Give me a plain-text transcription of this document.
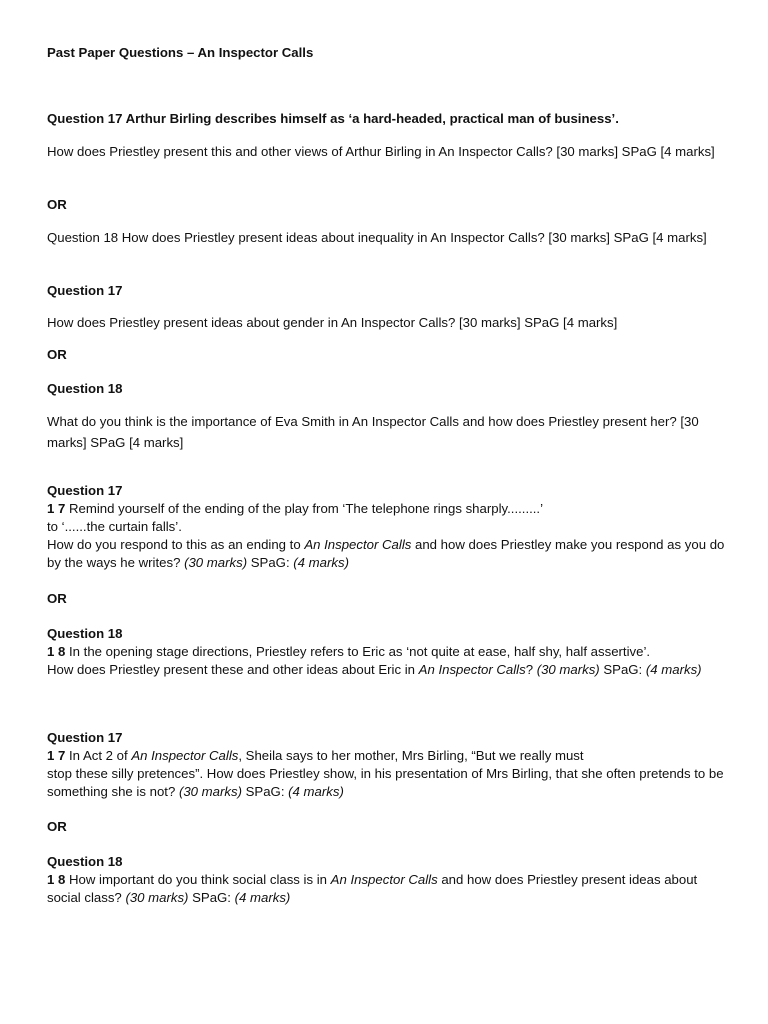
Past Paper Questions – An Inspector Calls

Question 17 Arthur Birling describes himself as ‘a hard-headed, practical man of business’.

How does Priestley present this and other views of Arthur Birling in An Inspector Calls? [30 marks] SPaG [4 marks]

OR

Question 18 How does Priestley present ideas about inequality in An Inspector Calls? [30 marks] SPaG [4 marks]

Question 17

How does Priestley present ideas about gender in An Inspector Calls? [30 marks] SPaG [4 marks]

OR

Question 18

What do you think is the importance of Eva Smith in An Inspector Calls and how does Priestley present her? [30 marks] SPaG [4 marks]

Question 17
1 7 Remind yourself of the ending of the play from ‘The telephone rings sharply.........’
to ‘......the curtain falls’.
How do you respond to this as an ending to An Inspector Calls and how does Priestley make you respond as you do by the ways he writes? (30 marks) SPaG: (4 marks)

OR

Question 18
1 8 In the opening stage directions, Priestley refers to Eric as ‘not quite at ease, half shy, half assertive’.
How does Priestley present these and other ideas about Eric in An Inspector Calls? (30 marks) SPaG: (4 marks)
Question 17
1 7 In Act 2 of An Inspector Calls, Sheila says to her mother, Mrs Birling, “But we really must
stop these silly pretences”. How does Priestley show, in his presentation of Mrs Birling, that she often pretends to be something she is not? (30 marks) SPaG: (4 marks)

OR

Question 18
1 8 How important do you think social class is in An Inspector Calls and how does Priestley present ideas about social class? (30 marks) SPaG: (4 marks)
